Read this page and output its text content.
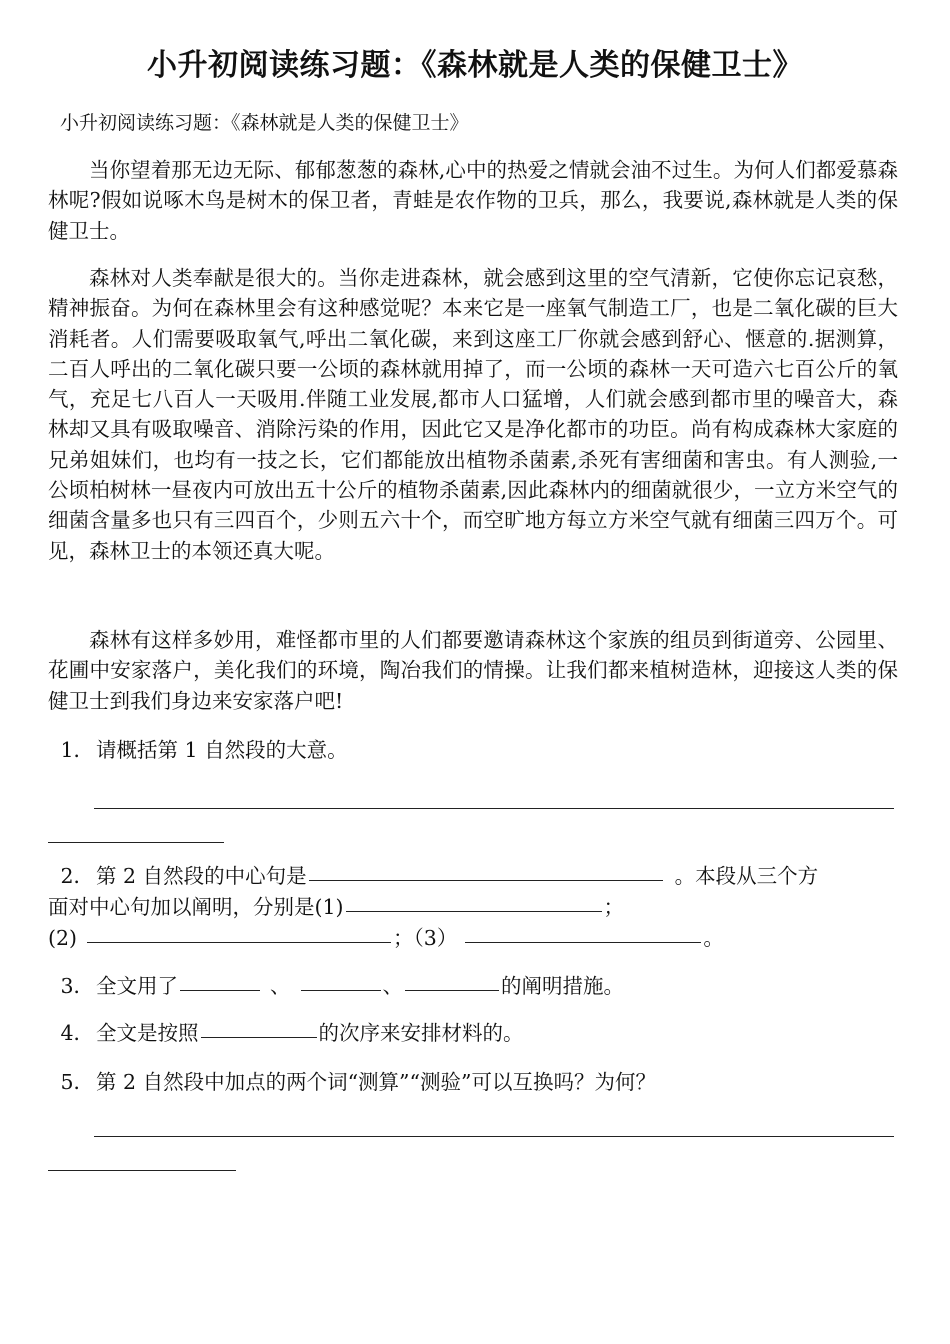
小升初阅读练习题：《森林就是人类的保健卫士》
小升初阅读练习题：《森林就是人类的保健卫士》

当你望着那无边无际、郁郁葱葱的森林,心中的热爱之情就会油不过生。为何人们都爱慕森林呢?假如说啄木鸟是树木的保卫者，青蛙是农作物的卫兵，那么，我要说,森林就是人类的保健卫士。

森林对人类奉献是很大的。当你走进森林，就会感到这里的空气清新，它使你忘记哀愁，精神振奋。为何在森林里会有这种感觉呢？本来它是一座氧气制造工厂，也是二氧化碳的巨大消耗者。人们需要吸取氧气,呼出二氧化碳，来到这座工厂你就会感到舒心、惬意的.据测算，二百人呼出的二氧化碳只要一公顷的森林就用掉了，而一公顷的森林一天可造六七百公斤的氧气，充足七八百人一天吸用.伴随工业发展,都市人口猛增，人们就会感到都市里的噪音大，森林却又具有吸取噪音、消除污染的作用，因此它又是净化都市的功臣。尚有构成森林大家庭的兄弟姐妹们，也均有一技之长，它们都能放出植物杀菌素,杀死有害细菌和害虫。有人测验,一公顷柏树林一昼夜内可放出五十公斤的植物杀菌素,因此森林内的细菌就很少，一立方米空气的细菌含量多也只有三四百个，少则五六十个，而空旷地方每立方米空气就有细菌三四万个。可见，森林卫士的本领还真大呢。

森林有这样多妙用，难怪都市里的人们都要邀请森林这个家族的组员到街道旁、公园里、花圃中安家落户，美化我们的环境，陶冶我们的情操。让我们都来植树造林，迎接这人类的保健卫士到我们身边来安家落户吧!

1．请概括第 1 自然段的大意。
2．第 2 自然段的中心句是	。本段从三个方
面对中心句加以阐明，分别是(1)	；
(2)	；（3）	。
3．全文用了	、	、	的阐明措施。
4．全文是按照	的次序来安排材料的。
5．第 2 自然段中加点的两个词“测算”“测验”可以互换吗？为何？
